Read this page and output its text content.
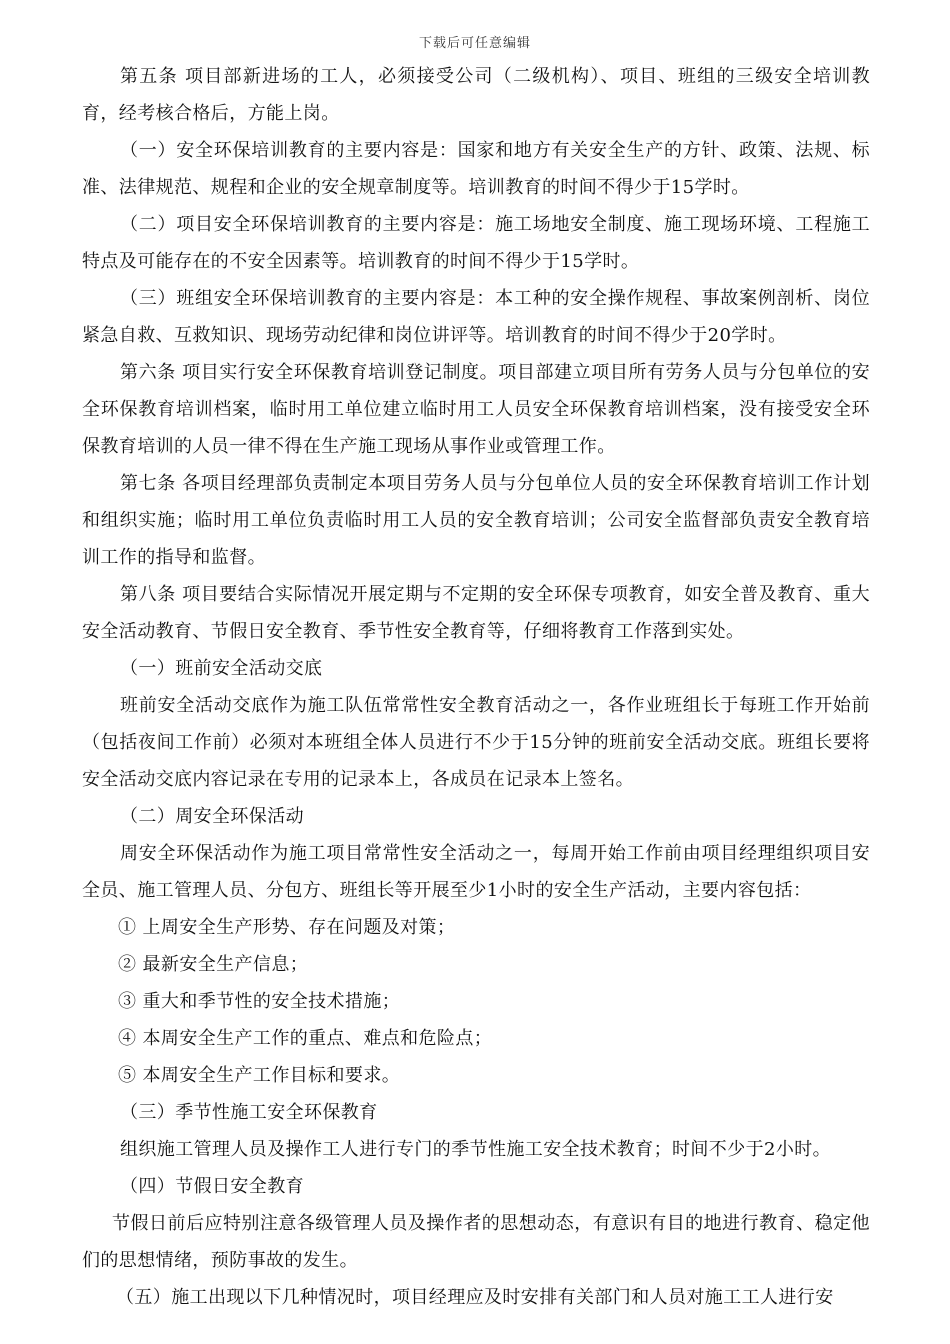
下载后可任意编辑

第五条 项目部新进场的工人，必须接受公司（二级机构）、项目、班组的三级安全培训教育，经考核合格后，方能上岗。

（一）安全环保培训教育的主要内容是：国家和地方有关安全生产的方针、政策、法规、标准、法律规范、规程和企业的安全规章制度等。培训教育的时间不得少于15学时。

（二）项目安全环保培训教育的主要内容是：施工场地安全制度、施工现场环境、工程施工特点及可能存在的不安全因素等。培训教育的时间不得少于15学时。

（三）班组安全环保培训教育的主要内容是：本工种的安全操作规程、事故案例剖析、岗位紧急自救、互救知识、现场劳动纪律和岗位讲评等。培训教育的时间不得少于20学时。

第六条 项目实行安全环保教育培训登记制度。项目部建立项目所有劳务人员与分包单位的安全环保教育培训档案，临时用工单位建立临时用工人员安全环保教育培训档案，没有接受安全环保教育培训的人员一律不得在生产施工现场从事作业或管理工作。

第七条 各项目经理部负责制定本项目劳务人员与分包单位人员的安全环保教育培训工作计划和组织实施；临时用工单位负责临时用工人员的安全教育培训；公司安全监督部负责安全教育培训工作的指导和监督。

第八条 项目要结合实际情况开展定期与不定期的安全环保专项教育，如安全普及教育、重大安全活动教育、节假日安全教育、季节性安全教育等，仔细将教育工作落到实处。

（一）班前安全活动交底

班前安全活动交底作为施工队伍常常性安全教育活动之一，各作业班组长于每班工作开始前（包括夜间工作前）必须对本班组全体人员进行不少于15分钟的班前安全活动交底。班组长要将安全活动交底内容记录在专用的记录本上，各成员在记录本上签名。

（二）周安全环保活动

周安全环保活动作为施工项目常常性安全活动之一，每周开始工作前由项目经理组织项目安全员、施工管理人员、分包方、班组长等开展至少1小时的安全生产活动，主要内容包括：

① 上周安全生产形势、存在问题及对策；

② 最新安全生产信息；

③ 重大和季节性的安全技术措施；

④ 本周安全生产工作的重点、难点和危险点；

⑤ 本周安全生产工作目标和要求。

（三）季节性施工安全环保教育

组织施工管理人员及操作工人进行专门的季节性施工安全技术教育；时间不少于2小时。

（四）节假日安全教育

节假日前后应特别注意各级管理人员及操作者的思想动态，有意识有目的地进行教育、稳定他们的思想情绪，预防事故的发生。

（五）施工出现以下几种情况时，项目经理应及时安排有关部门和人员对施工工人进行安
